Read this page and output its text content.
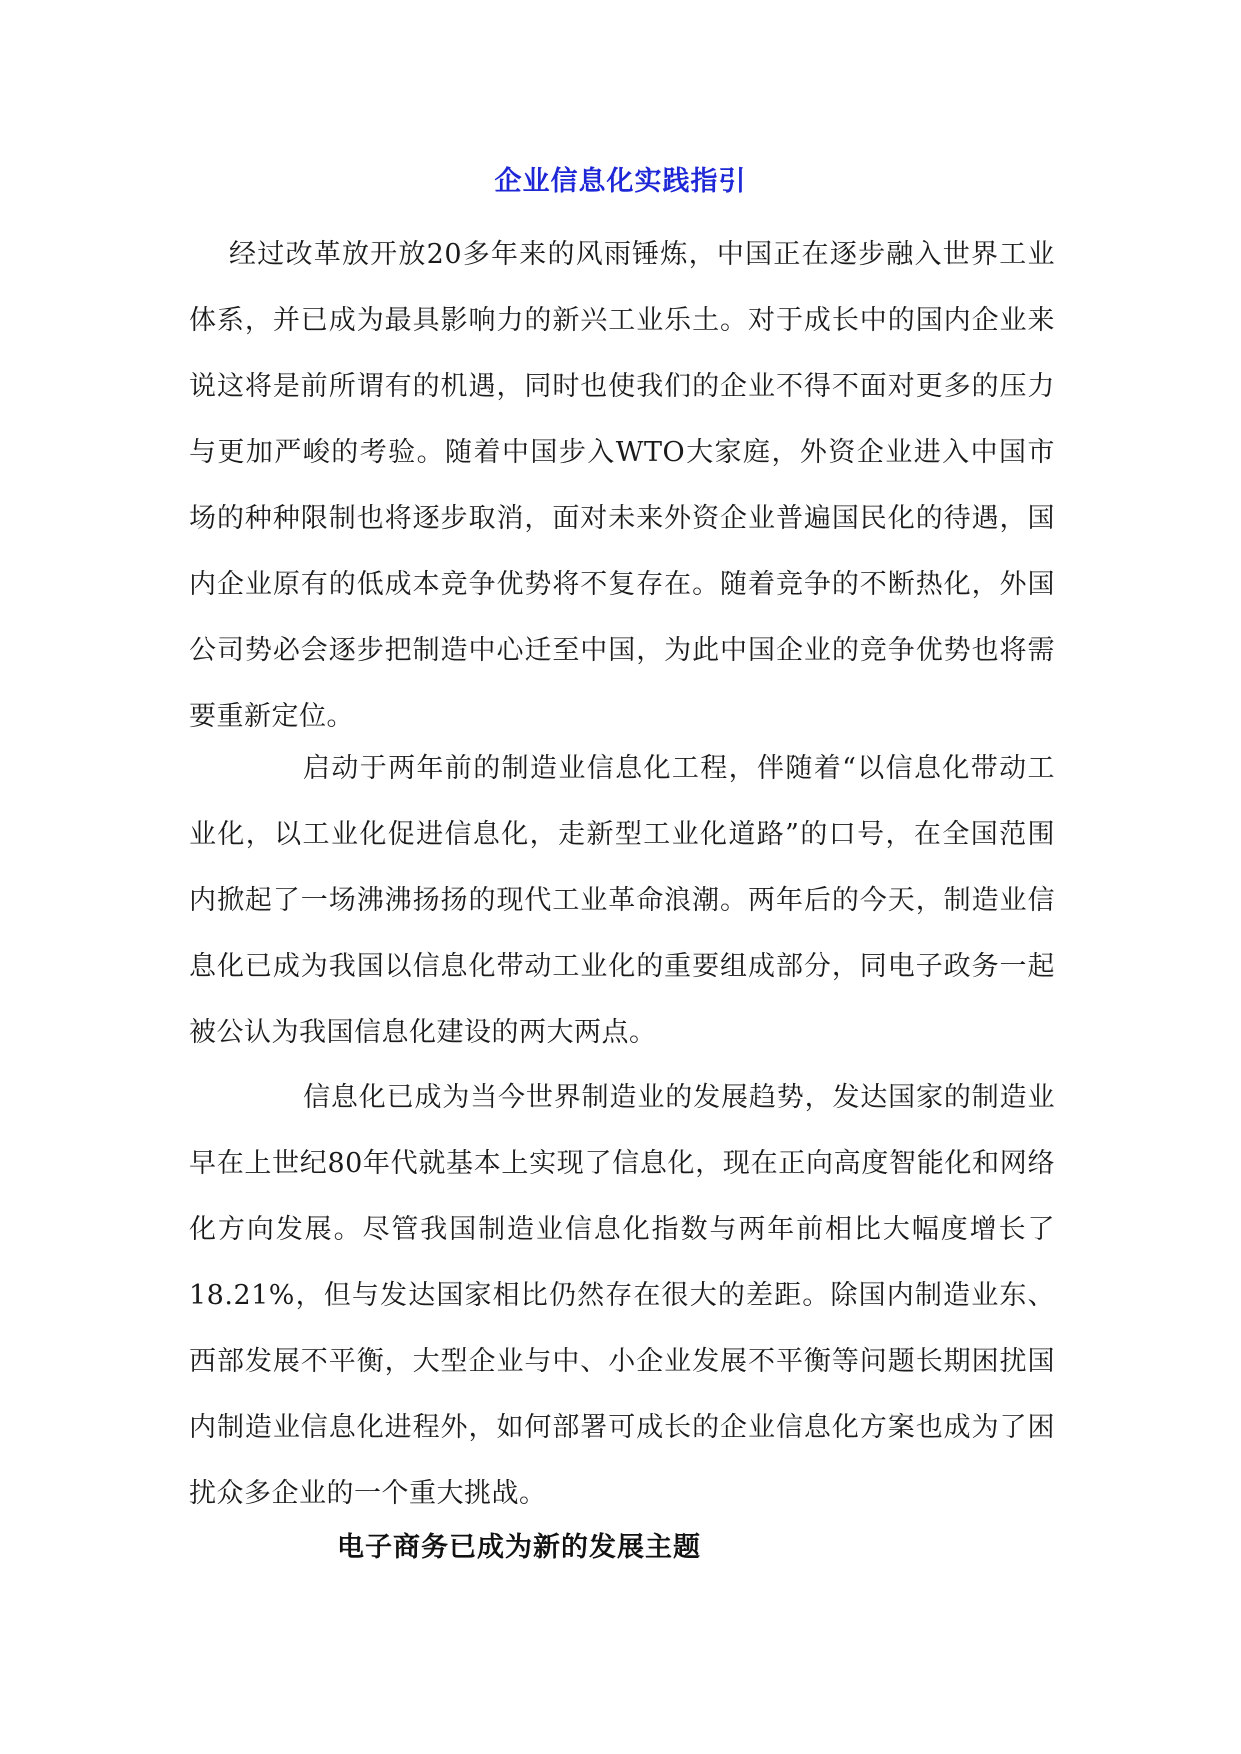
企业信息化实践指引

经过改革放开放20多年来的风雨锤炼，中国正在逐步融入世界工业体系，并已成为最具影响力的新兴工业乐土。对于成长中的国内企业来说这将是前所谓有的机遇，同时也使我们的企业不得不面对更多的压力与更加严峻的考验。随着中国步入WTO大家庭，外资企业进入中国市场的种种限制也将逐步取消，面对未来外资企业普遍国民化的待遇，国内企业原有的低成本竞争优势将不复存在。随着竞争的不断热化，外国公司势必会逐步把制造中心迁至中国，为此中国企业的竞争优势也将需要重新定位。

启动于两年前的制造业信息化工程，伴随着“以信息化带动工业化，以工业化促进信息化，走新型工业化道路”的口号，在全国范围内掀起了一场沸沸扬扬的现代工业革命浪潮。两年后的今天，制造业信息化已成为我国以信息化带动工业化的重要组成部分，同电子政务一起被公认为我国信息化建设的两大两点。

信息化已成为当今世界制造业的发展趋势，发达国家的制造业早在上世纪80年代就基本上实现了信息化，现在正向高度智能化和网络化方向发展。尽管我国制造业信息化指数与两年前相比大幅度增长了18.21%，但与发达国家相比仍然存在很大的差距。除国内制造业东、西部发展不平衡，大型企业与中、小企业发展不平衡等问题长期困扰国内制造业信息化进程外，如何部署可成长的企业信息化方案也成为了困扰众多企业的一个重大挑战。

电子商务已成为新的发展主题
